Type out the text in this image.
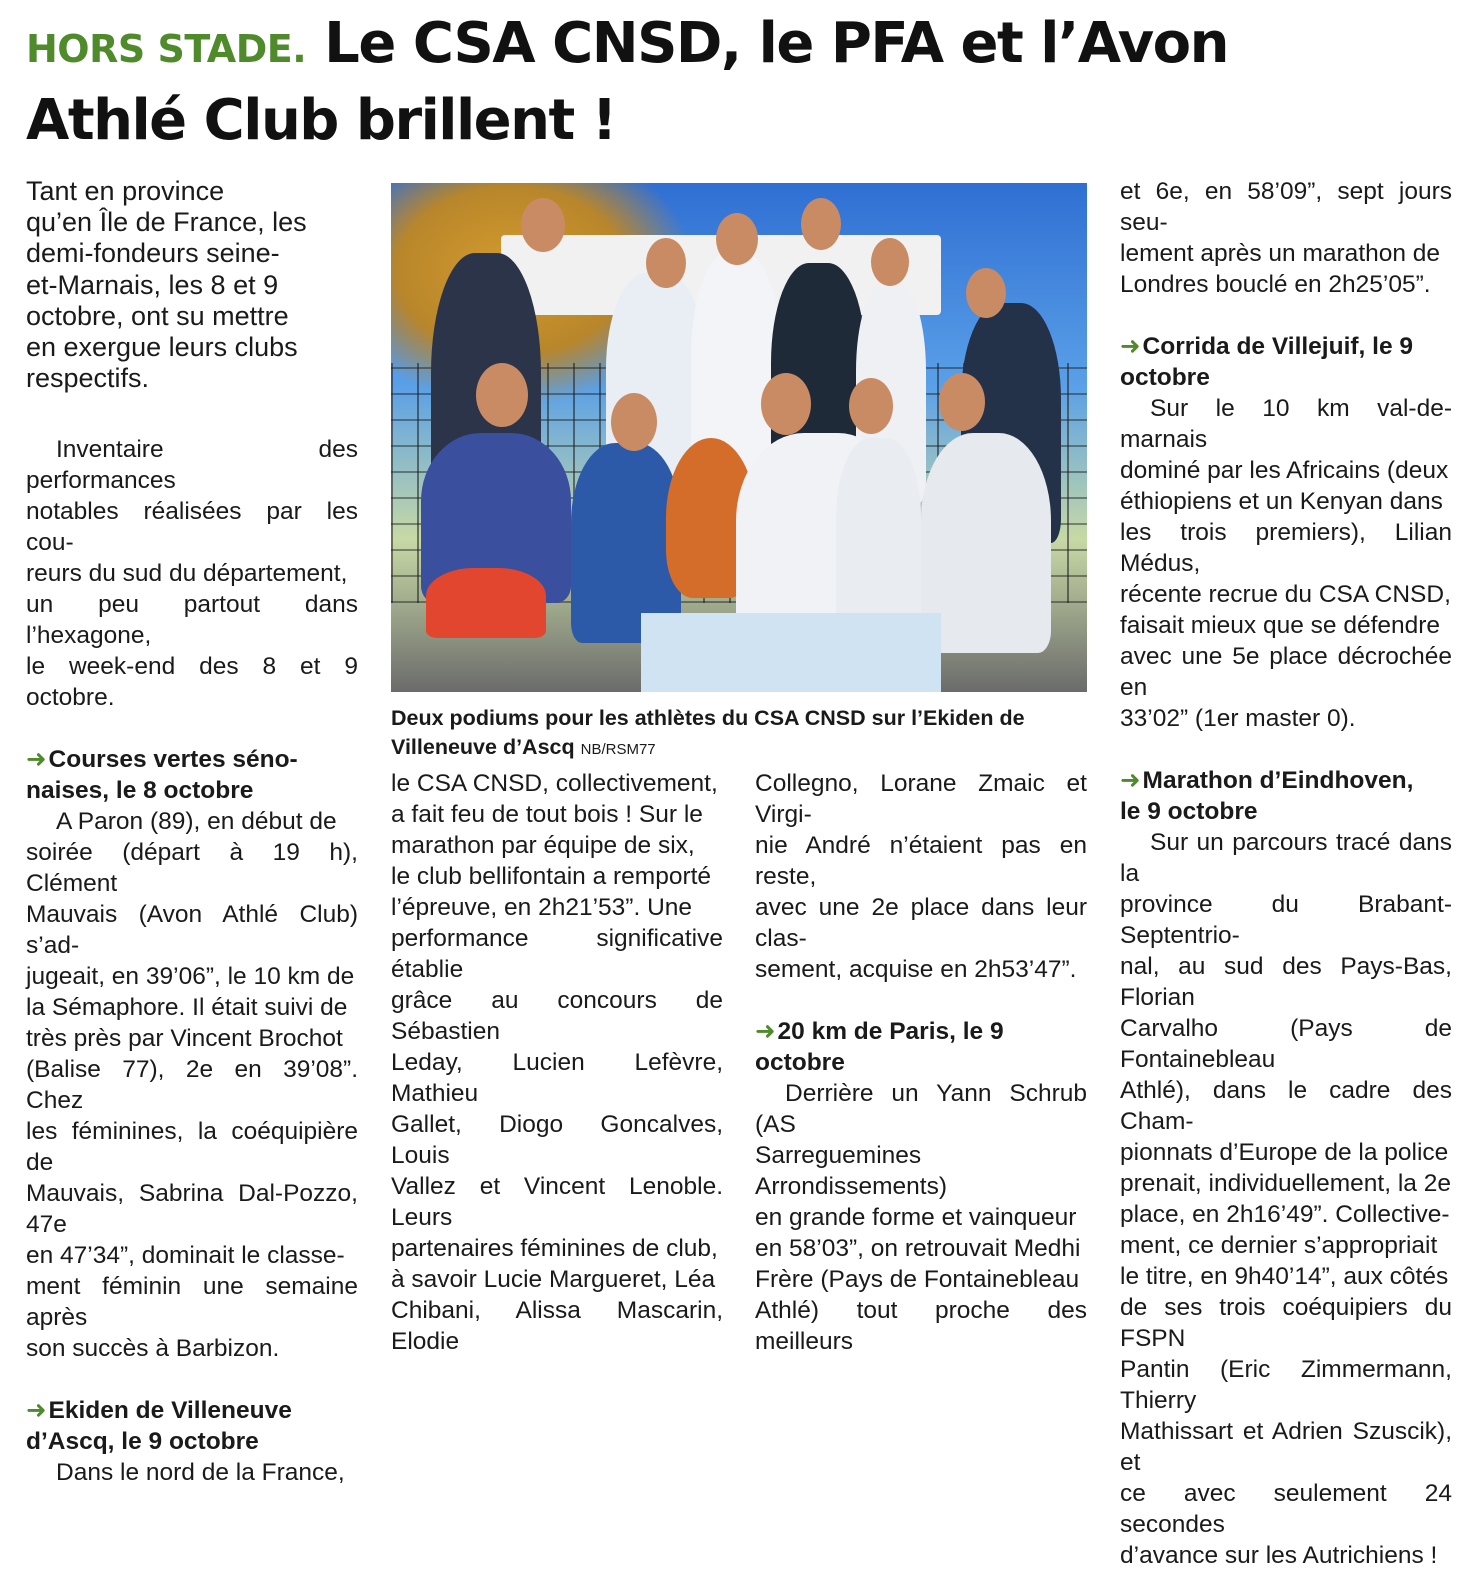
HORS STADE. Le CSA CNSD, le PFA et l’Avon
Athlé Club brillent !

Tant en province

qu’en Île de France, les

demi-fondeurs seine-

et-Marnais, les 8 et 9

octobre, ont su mettre

en exergue leurs clubs

respectifs.

Inventaire des performances

notables réalisées par les cou-

reurs du sud du département,

un peu partout dans l’hexagone,

le week-end des 8 et 9 octobre.

➜Courses vertes séno-

naises, le 8 octobre

A Paron (89), en début de

soirée (départ à 19 h), Clément

Mauvais (Avon Athlé Club) s’ad-

jugeait, en 39’06”, le 10 km de

la Sémaphore. Il était suivi de

très près par Vincent Brochot

(Balise 77), 2e en 39’08”. Chez

les féminines, la coéquipière de

Mauvais, Sabrina Dal-Pozzo, 47e

en 47’34”, dominait le classe-

ment féminin une semaine après

son succès à Barbizon.

➜Ekiden de Villeneuve

d’Ascq, le 9 octobre

Dans le nord de la France,

Deux podiums pour les athlètes du CSA CNSD sur l’Ekiden de Villeneuve d’Ascq NB/RSM77

le CSA CNSD, collectivement,

a fait feu de tout bois ! Sur le

marathon par équipe de six,

le club bellifontain a remporté

l’épreuve, en 2h21’53”. Une

performance significative établie

grâce au concours de Sébastien

Leday, Lucien Lefèvre, Mathieu

Gallet, Diogo Goncalves, Louis

Vallez et Vincent Lenoble. Leurs

partenaires féminines de club,

à savoir Lucie Margueret, Léa

Chibani, Alissa Mascarin, Elodie

Collegno, Lorane Zmaic et Virgi-

nie André n’étaient pas en reste,

avec une 2e place dans leur clas-

sement, acquise en 2h53’47”.

➜20 km de Paris, le 9

octobre

Derrière un Yann Schrub (AS

Sarreguemines Arrondissements)

en grande forme et vainqueur

en 58’03”, on retrouvait Medhi

Frère (Pays de Fontainebleau

Athlé) tout proche des meilleurs

et 6e, en 58’09”, sept jours seu-

lement après un marathon de

Londres bouclé en 2h25’05”.

➜Corrida de Villejuif, le 9

octobre

Sur le 10 km val-de-marnais

dominé par les Africains (deux

éthiopiens et un Kenyan dans

les trois premiers), Lilian Médus,

récente recrue du CSA CNSD,

faisait mieux que se défendre

avec une 5e place décrochée en

33’02” (1er master 0).

➜Marathon d’Eindhoven,

le 9 octobre

Sur un parcours tracé dans la

province du Brabant-Septentrio-

nal, au sud des Pays-Bas, Florian

Carvalho (Pays de Fontainebleau

Athlé), dans le cadre des Cham-

pionnats d’Europe de la police

prenait, individuellement, la 2e

place, en 2h16’49”. Collective-

ment, ce dernier s’appropriait

le titre, en 9h40’14”, aux côtés

de ses trois coéquipiers du FSPN

Pantin (Eric Zimmermann, Thierry

Mathissart et Adrien Szuscik), et

ce avec seulement 24 secondes

d’avance sur les Autrichiens !
